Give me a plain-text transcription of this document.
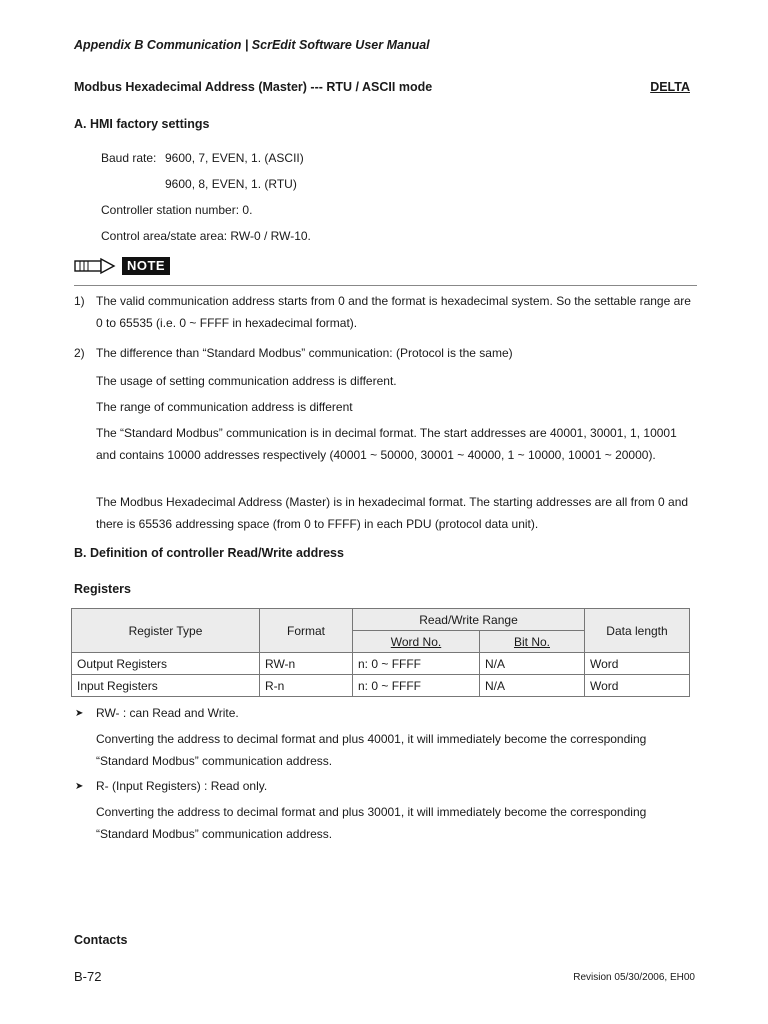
Appendix B Communication | ScrEdit Software User Manual
Modbus Hexadecimal Address (Master) --- RTU / ASCII mode	DELTA
A. HMI factory settings
Baud rate: 9600, 7, EVEN, 1. (ASCII)
9600, 8, EVEN, 1. (RTU)
Controller station number: 0.
Control area/state area: RW-0 / RW-10.
NOTE
1) The valid communication address starts from 0 and the format is hexadecimal system. So the settable range are 0 to 65535 (i.e. 0 ~ FFFF in hexadecimal format).
2) The difference than “Standard Modbus” communication: (Protocol is the same)
The usage of setting communication address is different.
The range of communication address is different
The “Standard Modbus” communication is in decimal format. The start addresses are 40001, 30001, 1, 10001 and contains 10000 addresses respectively (40001 ~ 50000, 30001 ~ 40000, 1 ~ 10000, 10001 ~ 20000).
The Modbus Hexadecimal Address (Master) is in hexadecimal format. The starting addresses are all from 0 and there is 65536 addressing space (from 0 to FFFF) in each PDU (protocol data unit).
B. Definition of controller Read/Write address
Registers
Register Type	Format	Read/Write Range		Data length
		Word No.	Bit No.	
Output Registers	RW-n	n: 0 ~ FFFF	N/A	Word
Input Registers	R-n	n: 0 ~ FFFF	N/A	Word
➤ RW- : can Read and Write.
Converting the address to decimal format and plus 40001, it will immediately become the corresponding “Standard Modbus” communication address.
➤ R- (Input Registers) : Read only.
Converting the address to decimal format and plus 30001, it will immediately become the corresponding “Standard Modbus” communication address.
Contacts
B-72	Revision 05/30/2006, EH00
